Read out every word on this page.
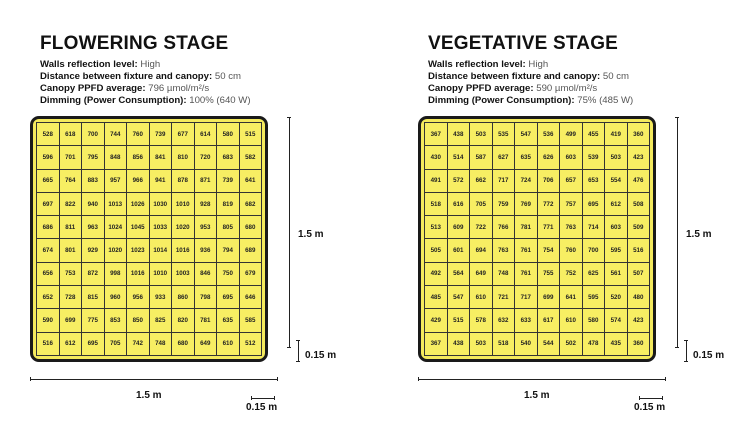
FLOWERING STAGE
Walls reflection level: High
Distance between fixture and canopy: 50 cm
Canopy PPFD average: 796 µmol/m²/s
Dimming (Power Consumption): 100% (640 W)
528	618	700	744	760	739	677	614	580	515
596	701	795	848	856	841	810	720	683	582
665	764	883	957	966	941	878	871	739	641
697	822	940	1013	1026	1030	1010	928	819	682
686	811	963	1024	1045	1033	1020	953	805	680
674	801	929	1020	1023	1014	1016	936	794	689
656	753	872	998	1016	1010	1003	846	750	679
652	728	815	960	956	933	860	798	695	646
590	699	775	853	850	825	820	781	635	585
516	612	695	705	742	748	680	649	610	512
1.5 m
0.15 m
1.5 m
0.15 m
VEGETATIVE STAGE
Walls reflection level: High
Distance between fixture and canopy: 50 cm
Canopy PPFD average: 590 µmol/m²/s
Dimming (Power Consumption): 75% (485 W)
367	438	503	535	547	536	499	455	419	360
430	514	587	627	635	626	603	539	503	423
491	572	662	717	724	706	657	653	554	476
518	616	705	759	769	772	757	695	612	508
513	609	722	766	781	771	763	714	603	509
505	601	694	763	761	754	760	700	595	516
492	564	649	748	761	755	752	625	561	507
485	547	610	721	717	699	641	595	520	480
429	515	578	632	633	617	610	580	574	423
367	438	503	518	540	544	502	478	435	360
1.5 m
0.15 m
1.5 m
0.15 m
